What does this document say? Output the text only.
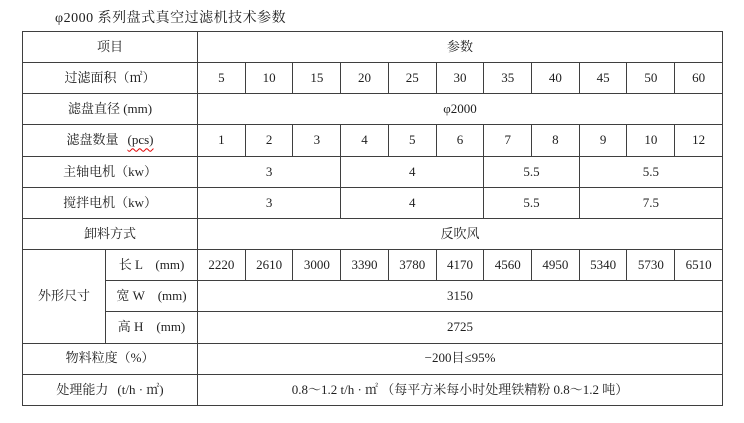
φ2000 系列盘式真空过滤机技术参数
项目		参数										
过滤面积（㎡）		5	10	15	20	25	30	35	40	45	50	60
滤盘直径 (mm)		φ2000										
滤盘数量 (pcs)		1	2	3	4	5	6	7	8	9	10	12
主轴电机（kw）		3			4			5.5		5.5		
搅拌电机（kw）		3			4			5.5		7.5		
卸料方式		反吹风										
外形尺寸	长 L　(mm)	2220	2610	3000	3390	3780	4170	4560	4950	5340	5730	6510
	宽 W　(mm)	3150										
	高 H　(mm)	2725										
物料粒度（%）		−200目≤95%										
处理能力 (t/h · ㎡)		0.8～1.2 t/h · ㎡ （每平方米每小时处理铁精粉 0.8～1.2 吨）										
